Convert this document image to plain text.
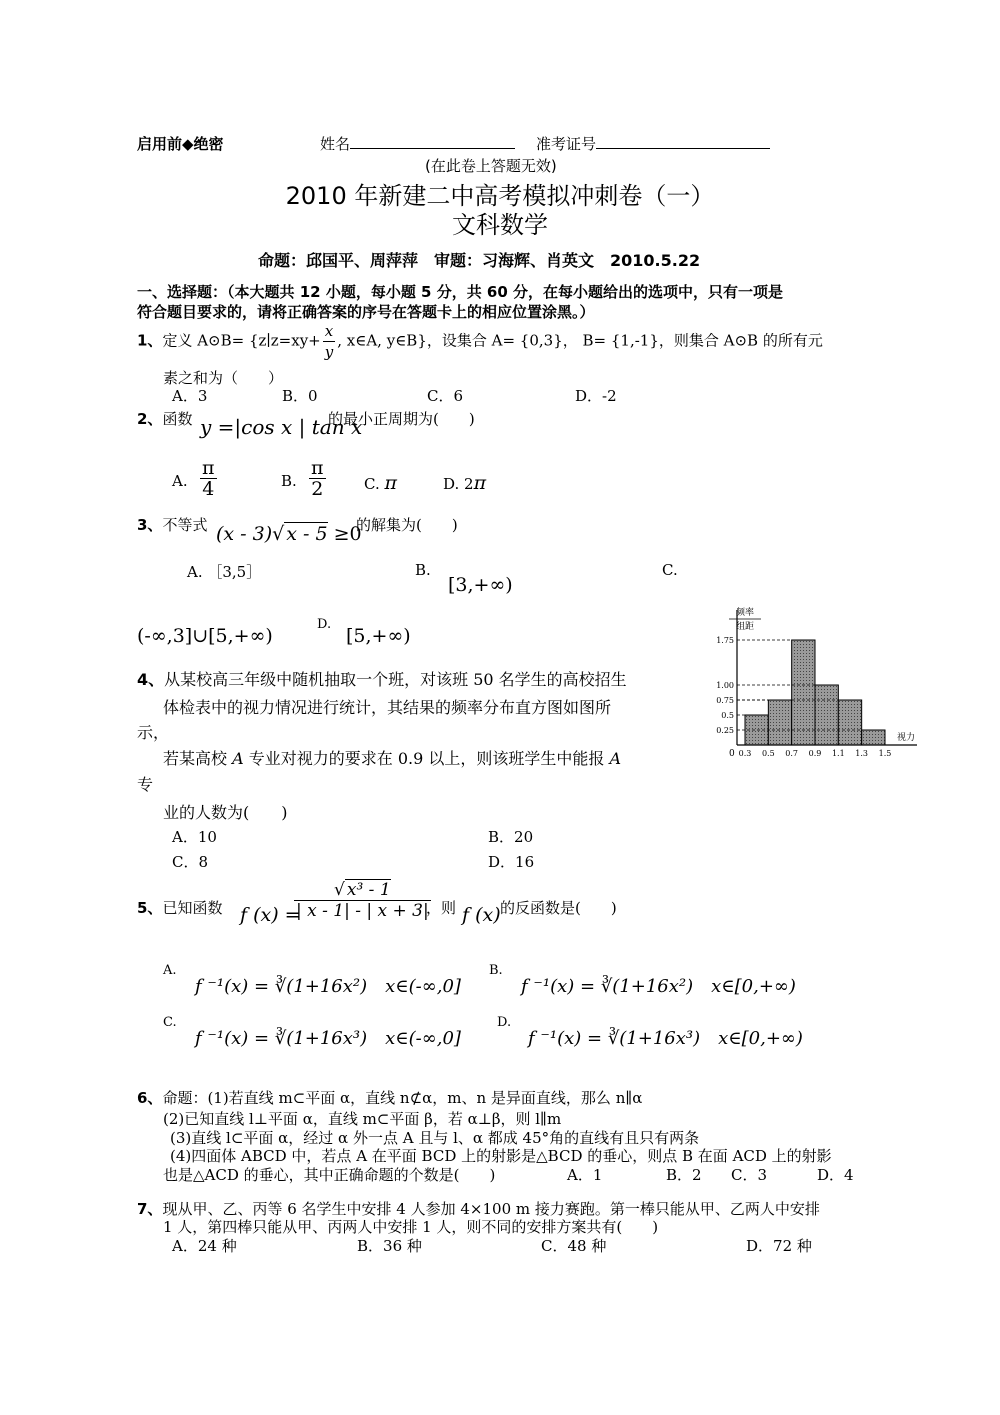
启用前◆绝密	姓名	准考证号
(在此卷上答题无效)
2010 年新建二中高考模拟冲刺卷（一）
文科数学
命题：邱国平、周萍萍　审题：习海辉、肖英文　2010.5.22
一、选择题：（本大题共 12 小题，每小题 5 分，共 60 分，在每小题给出的选项中，只有一项是
符合题目要求的，请将正确答案的序号在答题卡上的相应位置涂黑。）
1、定义 A⊙B= {z∣z=xy+ $\frac{x}{y}$ , x∈A, y∈B}，设集合 A= {0,3}， B= {1,-1}，则集合 A⊙B 的所有元
素之和为（　　）
A．3	B．0	C．6	D．-2
2、函数 y =|cos x | tan x
的最小正周期为(　　)
A. $\frac{\pi}{4}$	B. $\frac{\pi}{2}$	C. π	D. 2π
3、不等式 (x - 3)√ x - 5 ≥0
的解集为(　　)
A. ［3,5］	B.
[3,+∞)
C.
(-∞,3]∪[5,+∞)
D.
[5,+∞)
4、从某校高三年级中随机抽取一个班，对该班 50 名学生的高校招生
体检表中的视力情况进行统计，其结果的频率分布直方图如图所
示，
若某高校 A 专业对视力的要求在 0.9 以上，则该班学生中能报 A
专
业的人数为(　　)
A．10	B．20
C．8	D．16
频率
组距
视力
0
0.25
0.5
0.75
1.00
1.75
0.3 0.5 0.7 0.9 1.1 1.3 1.5
5、已知函数 f (x) =
$\frac{\text{√ x³ - 1}}{| x - 1| - | x + 3|}$
，则 f (x) 的反函数是(　　)
A.
f ⁻¹(x) = ∛(1+16x²)　x∈(-∞,0]
B.
f ⁻¹(x) = ∛(1+16x²)　x∈[0,+∞)
C.
f ⁻¹(x) = ∛(1+16x³)　x∈(-∞,0]
D.
f ⁻¹(x) = ∛(1+16x³)　x∈[0,+∞)
6、命题：(1)若直线 m⊂平面 α，直线 n⊄α，m、n 是异面直线，那么 n∥α
(2)已知直线 l⊥平面 α，直线 m⊂平面 β，若 α⊥β，则 l∥m
(3)直线 l⊂平面 α，经过 α 外一点 A 且与 l、α 都成 45°角的直线有且只有两条
(4)四面体 ABCD 中，若点 A 在平面 BCD 上的射影是△BCD 的垂心，则点 B 在面 ACD 上的射影
也是△ACD 的垂心，其中正确命题的个数是(　　)	A．1	B．2 C．3	D．4
7、现从甲、乙、丙等 6 名学生中安排 4 人参加 4×100 m 接力赛跑。第一棒只能从甲、乙两人中安排
1 人，第四棒只能从甲、丙两人中安排 1 人，则不同的安排方案共有(　　)
A．24 种	B．36 种	C．48 种	D．72 种
